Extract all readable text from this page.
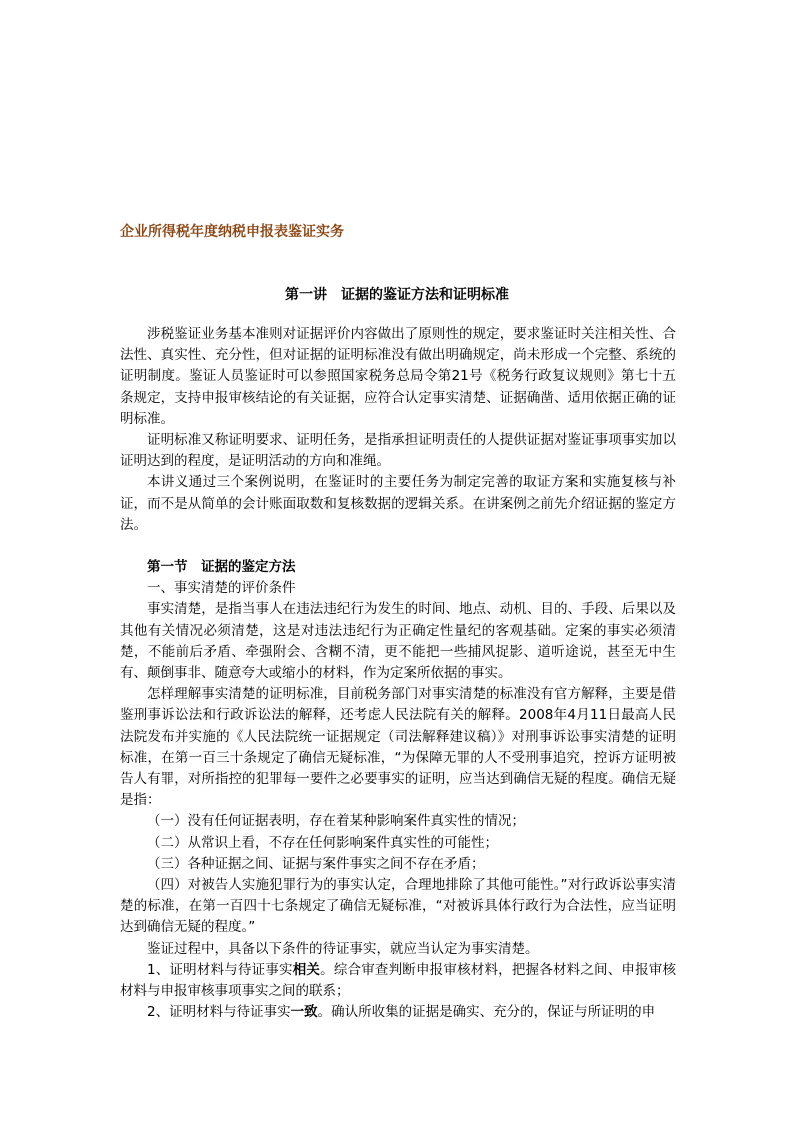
企业所得税年度纳税申报表鉴证实务
第一讲　证据的鉴证方法和证明标准

涉税鉴证业务基本准则对证据评价内容做出了原则性的规定，要求鉴证时关注相关性、合法性、真实性、充分性，但对证据的证明标准没有做出明确规定，尚未形成一个完整、系统的证明制度。鉴证人员鉴证时可以参照国家税务总局令第21号《税务行政复议规则》第七十五条规定，支持申报审核结论的有关证据，应符合认定事实清楚、证据确凿、适用依据正确的证明标准。

证明标准又称证明要求、证明任务，是指承担证明责任的人提供证据对鉴证事项事实加以证明达到的程度，是证明活动的方向和准绳。

本讲义通过三个案例说明，在鉴证时的主要任务为制定完善的取证方案和实施复核与补证，而不是从简单的会计账面取数和复核数据的逻辑关系。在讲案例之前先介绍证据的鉴定方法。

第一节　证据的鉴定方法

一、事实清楚的评价条件

事实清楚，是指当事人在违法违纪行为发生的时间、地点、动机、目的、手段、后果以及其他有关情况必须清楚，这是对违法违纪行为正确定性量纪的客观基础。定案的事实必须清楚，不能前后矛盾、牵强附会、含糊不清，更不能把一些捕风捉影、道听途说，甚至无中生有、颠倒事非、随意夸大或缩小的材料，作为定案所依据的事实。

怎样理解事实清楚的证明标准，目前税务部门对事实清楚的标准没有官方解释，主要是借鉴刑事诉讼法和行政诉讼法的解释，还考虑人民法院有关的解释。2008年4月11日最高人民法院发布并实施的《人民法院统一证据规定（司法解释建议稿）》对刑事诉讼事实清楚的证明标准，在第一百三十条规定了确信无疑标准，“为保障无罪的人不受刑事追究，控诉方证明被告人有罪，对所指控的犯罪每一要件之必要事实的证明，应当达到确信无疑的程度。确信无疑是指：

（一）没有任何证据表明，存在着某种影响案件真实性的情况；

（二）从常识上看，不存在任何影响案件真实性的可能性；

（三）各种证据之间、证据与案件事实之间不存在矛盾；

（四）对被告人实施犯罪行为的事实认定，合理地排除了其他可能性。”对行政诉讼事实清楚的标准，在第一百四十七条规定了确信无疑标准，“对被诉具体行政行为合法性，应当证明达到确信无疑的程度。”

鉴证过程中，具备以下条件的待证事实，就应当认定为事实清楚。

1、证明材料与待证事实相关。综合审查判断申报审核材料，把握各材料之间、申报审核材料与申报审核事项事实之间的联系；

2、证明材料与待证事实一致。确认所收集的证据是确实、充分的，保证与所证明的申
